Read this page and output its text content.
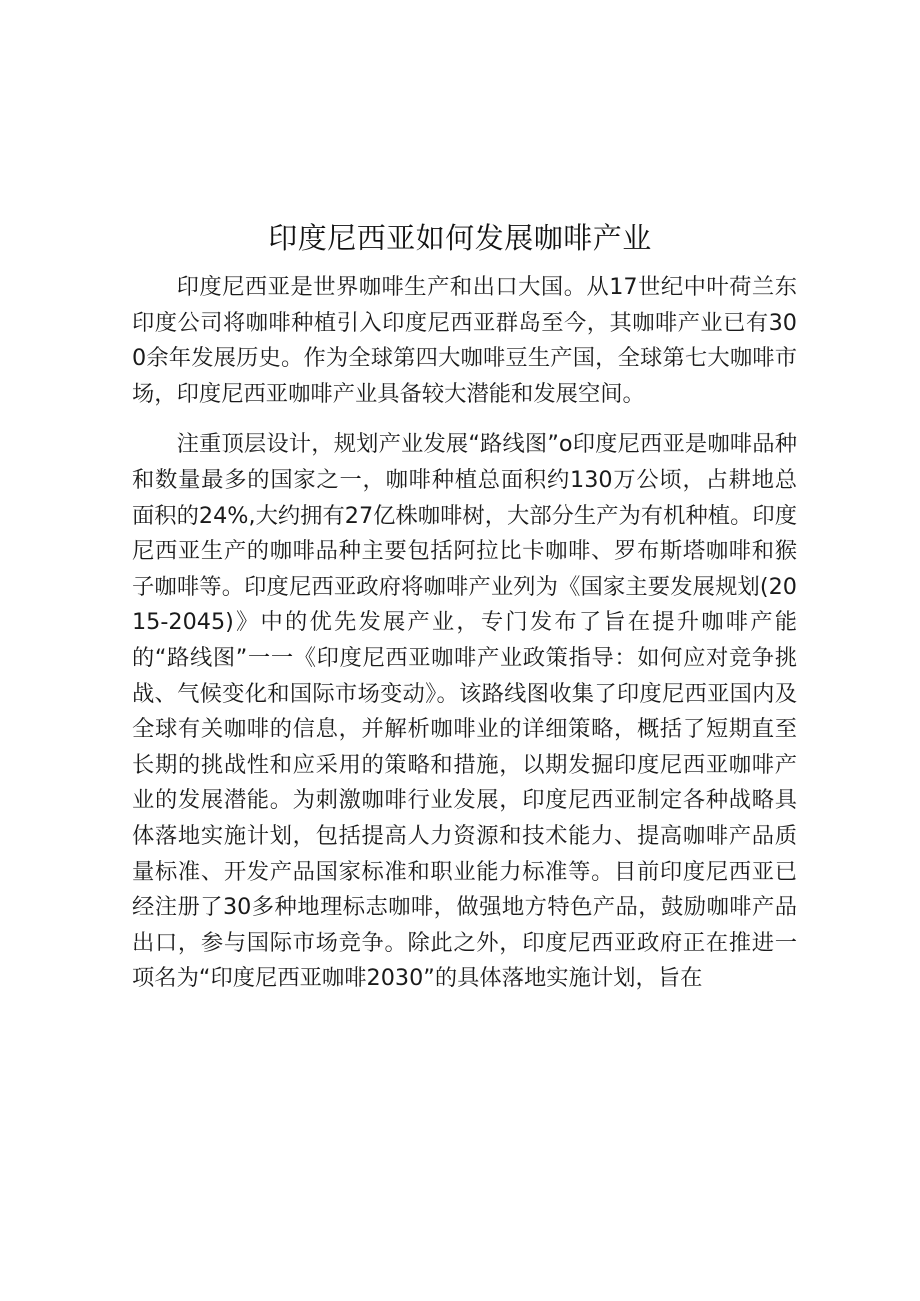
印度尼西亚如何发展咖啡产业

印度尼西亚是世界咖啡生产和出口大国。从17世纪中叶荷兰东印度公司将咖啡种植引入印度尼西亚群岛至今，其咖啡产业已有300余年发展历史。作为全球第四大咖啡豆生产国，全球第七大咖啡市场，印度尼西亚咖啡产业具备较大潜能和发展空间。

注重顶层设计，规划产业发展“路线图”o印度尼西亚是咖啡品种和数量最多的国家之一，咖啡种植总面积约130万公顷，占耕地总面积的24%,大约拥有27亿株咖啡树，大部分生产为有机种植。印度尼西亚生产的咖啡品种主要包括阿拉比卡咖啡、罗布斯塔咖啡和猴子咖啡等。印度尼西亚政府将咖啡产业列为《国家主要发展规划(2015-2045)》中的优先发展产业，专门发布了旨在提升咖啡产能的“路线图”一一《印度尼西亚咖啡产业政策指导：如何应对竞争挑战、气候变化和国际市场变动》。该路线图收集了印度尼西亚国内及全球有关咖啡的信息，并解析咖啡业的详细策略，概括了短期直至长期的挑战性和应采用的策略和措施，以期发掘印度尼西亚咖啡产业的发展潜能。为刺激咖啡行业发展，印度尼西亚制定各种战略具体落地实施计划，包括提高人力资源和技术能力、提高咖啡产品质量标准、开发产品国家标准和职业能力标准等。目前印度尼西亚已经注册了30多种地理标志咖啡，做强地方特色产品，鼓励咖啡产品出口，参与国际市场竞争。除此之外，印度尼西亚政府正在推进一项名为“印度尼西亚咖啡2030”的具体落地实施计划，旨在
